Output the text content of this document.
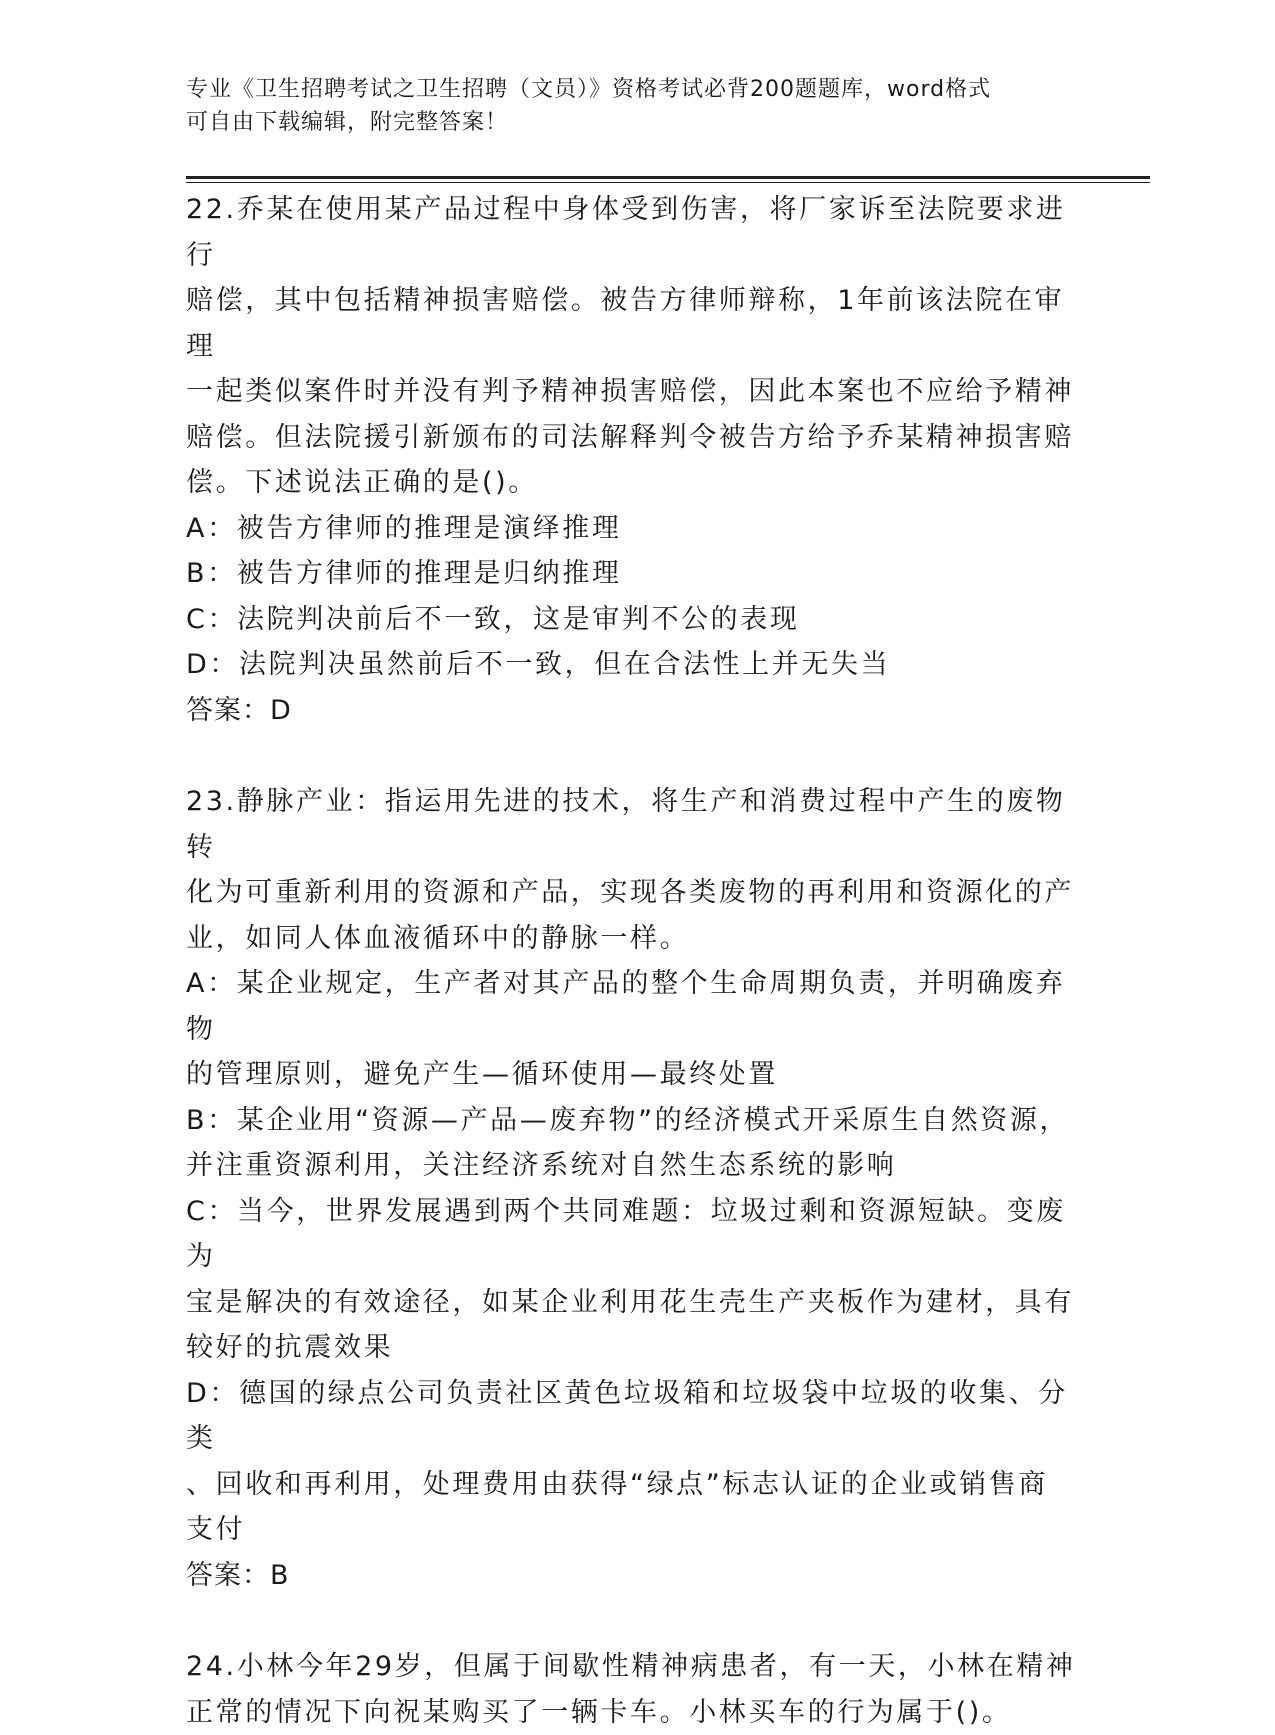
专业《卫生招聘考试之卫生招聘（文员）》资格考试必背200题题库，word格式
可自由下载编辑，附完整答案！
22.乔某在使用某产品过程中身体受到伤害，将厂家诉至法院要求进行
赔偿，其中包括精神损害赔偿。被告方律师辩称，1年前该法院在审理
一起类似案件时并没有判予精神损害赔偿，因此本案也不应给予精神
赔偿。但法院援引新颁布的司法解释判令被告方给予乔某精神损害赔
偿。下述说法正确的是()。
A：被告方律师的推理是演绎推理
B：被告方律师的推理是归纳推理
C：法院判决前后不一致，这是审判不公的表现
D：法院判决虽然前后不一致，但在合法性上并无失当
答案：D
23.静脉产业：指运用先进的技术，将生产和消费过程中产生的废物转
化为可重新利用的资源和产品，实现各类废物的再利用和资源化的产
业，如同人体血液循环中的静脉一样。
A：某企业规定，生产者对其产品的整个生命周期负责，并明确废弃物
的管理原则，避免产生—循环使用—最终处置
B：某企业用“资源—产品—废弃物”的经济模式开采原生自然资源，
并注重资源利用，关注经济系统对自然生态系统的影响
C：当今，世界发展遇到两个共同难题：垃圾过剩和资源短缺。变废为
宝是解决的有效途径，如某企业利用花生壳生产夹板作为建材，具有
较好的抗震效果
D：德国的绿点公司负责社区黄色垃圾箱和垃圾袋中垃圾的收集、分类
、回收和再利用，处理费用由获得“绿点”标志认证的企业或销售商
支付
答案：B
24.小林今年29岁，但属于间歇性精神病患者，有一天，小林在精神
正常的情况下向祝某购买了一辆卡车。小林买车的行为属于()。
